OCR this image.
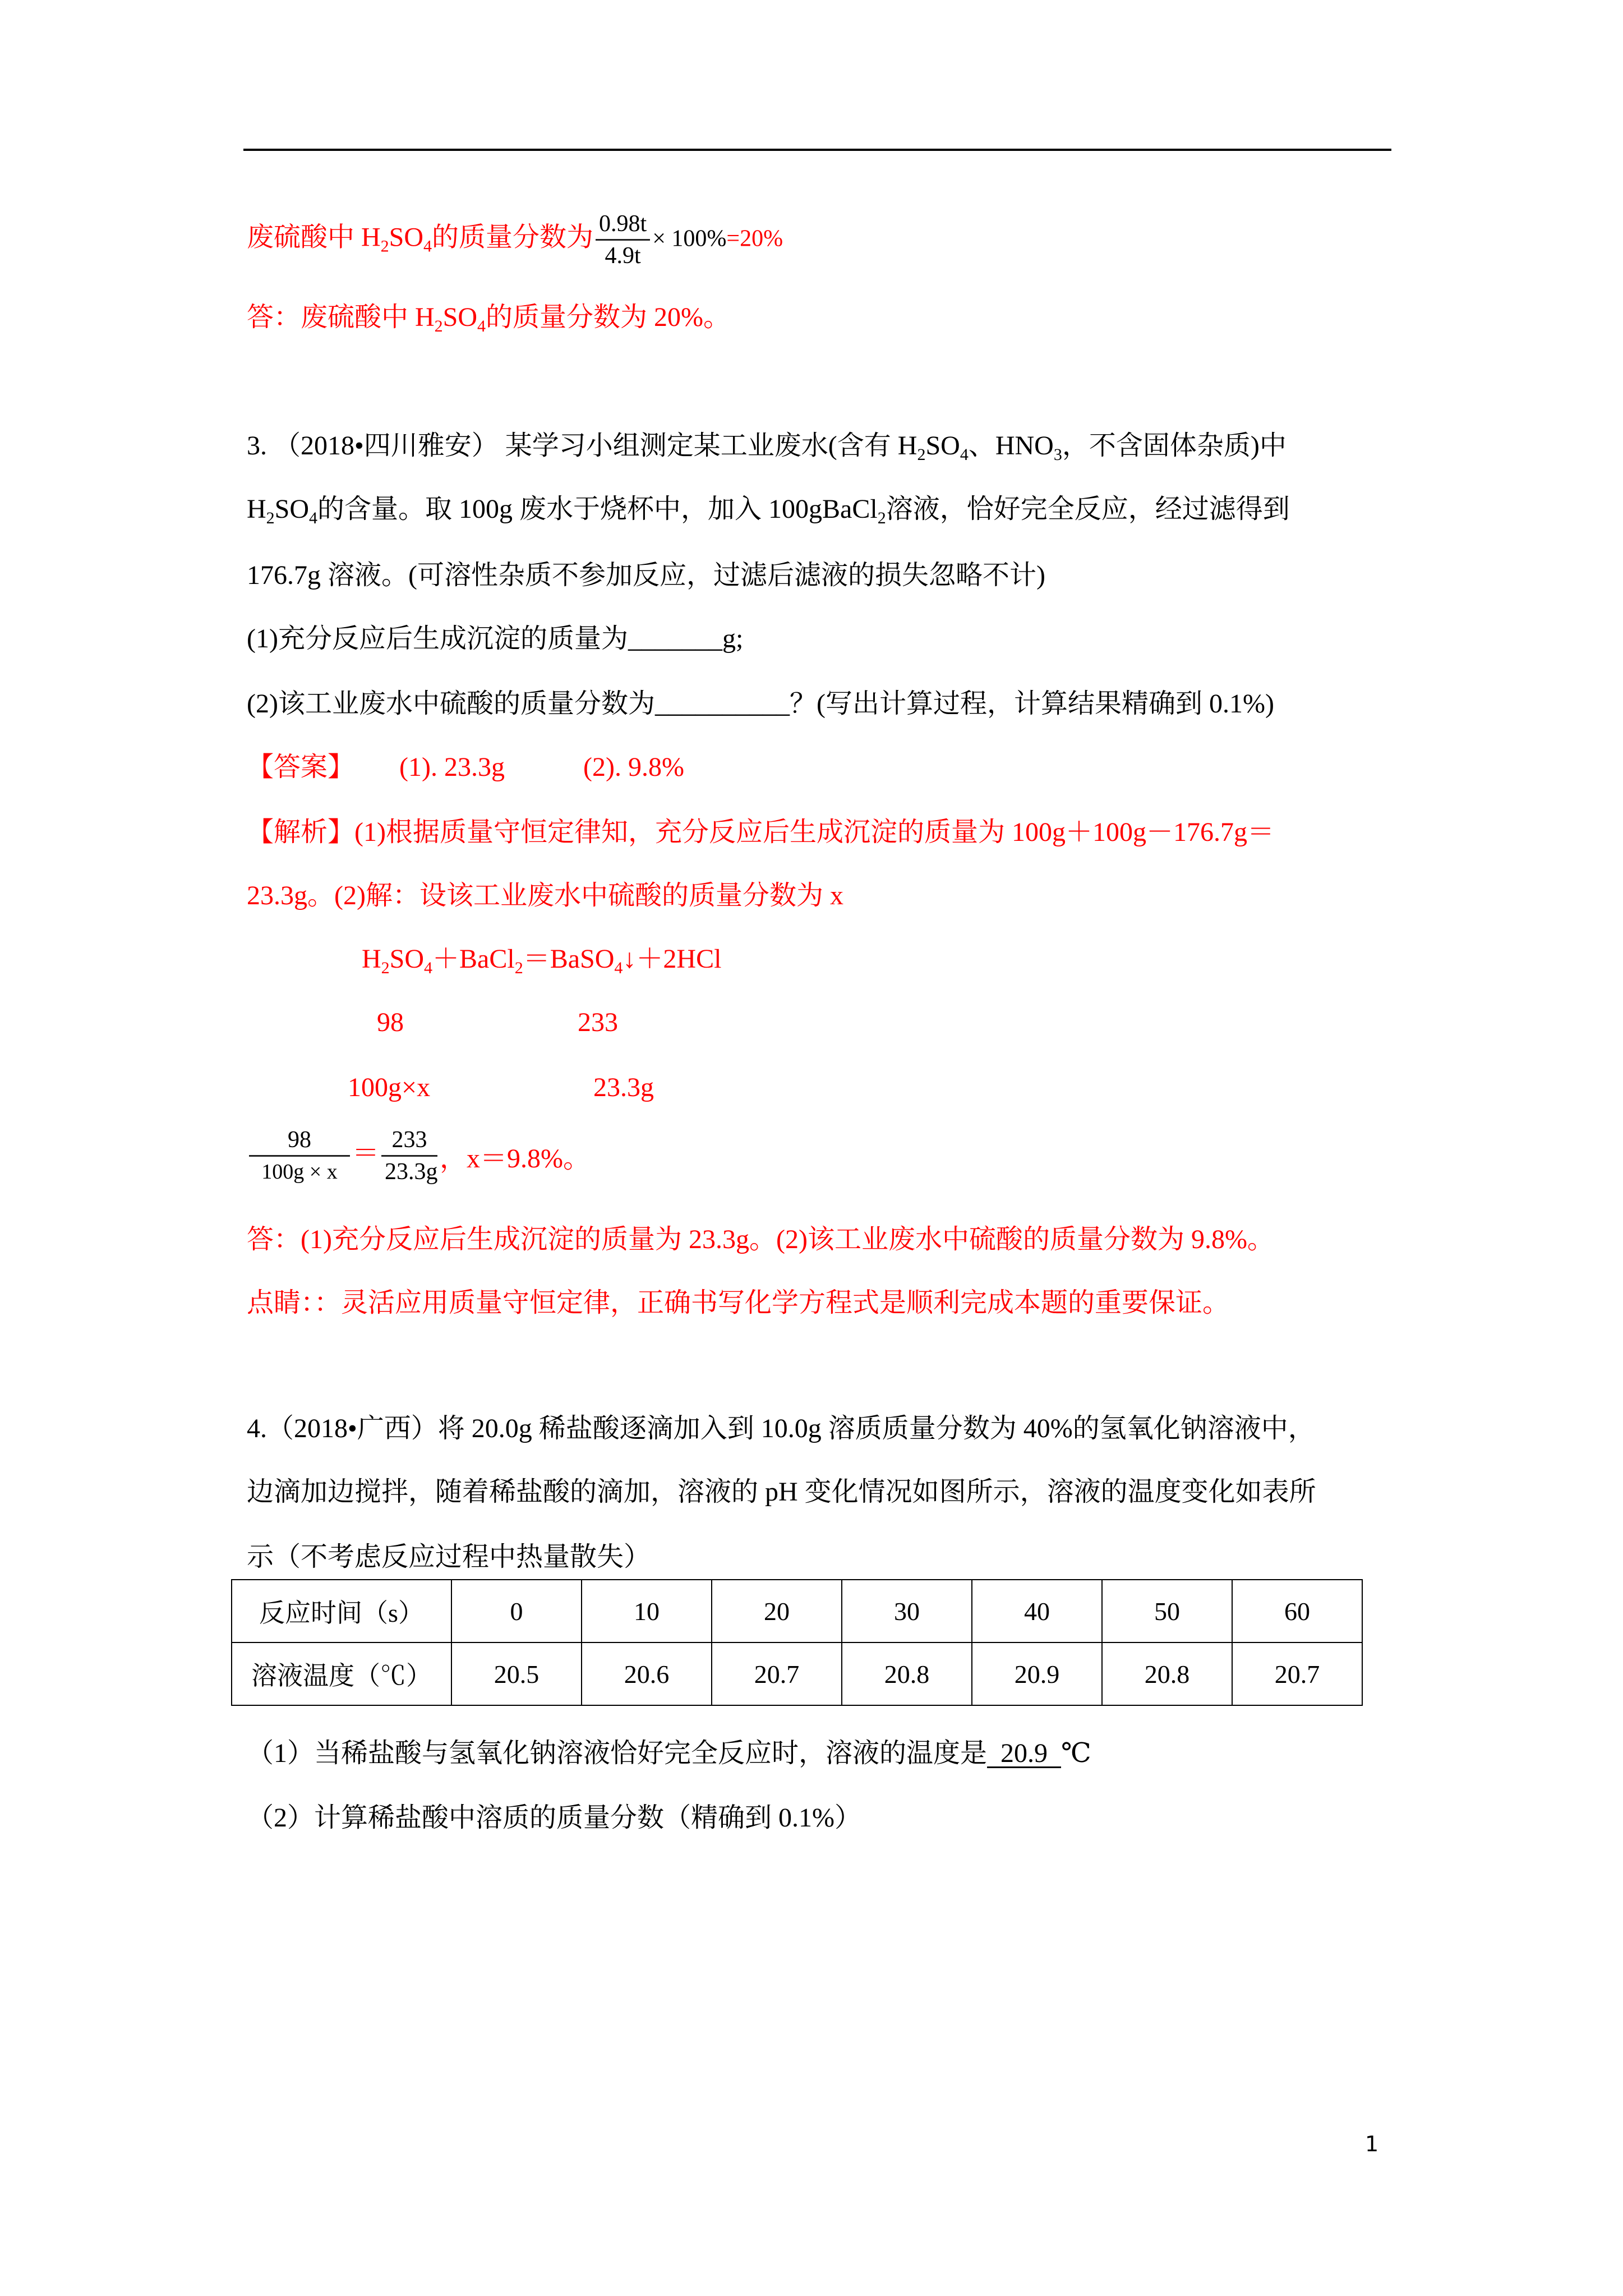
废硫酸中 $H_2SO_4$的质量分数为 $\frac{0.98t}{4.9t} \times 100\%=20\%$
答：废硫酸中 $H_2SO_4$的质量分数为 20%。
3. （2018•四川雅安） 某学习小组测定某工业废水(含有 $H_2SO_4$、$HNO_3$，不含固体杂质)中
$H_2SO_4$的含量。取 100g 废水于烧杯中，加入 100gBaCl$_2$溶液，恰好完全反应，经过滤得到
176.7g 溶液。(可溶性杂质不参加反应，过滤后滤液的损失忽略不计)
(1)充分反应后生成沉淀的质量为_______g;
(2)该工业废水中硫酸的质量分数为__________？(写出计算过程，计算结果精确到 0.1%)
【答案】 (1). 23.3g	(2). 9.8%
【解析】(1)根据质量守恒定律知，充分反应后生成沉淀的质量为 100g＋100g－176.7g＝
23.3g。(2)解：设该工业废水中硫酸的质量分数为 x
$H_2SO_4+BaCl_2=BaSO_4↓+2HCl$
98	233
100g×x	23.3g
$\frac{98}{100g \times x} = \frac{233}{23.3g}$ ，x＝9.8%。
答：(1)充分反应后生成沉淀的质量为 23.3g。(2)该工业废水中硫酸的质量分数为 9.8%。
点睛：：灵活应用质量守恒定律，正确书写化学方程式是顺利完成本题的重要保证。
4.（2018•广西）将 20.0g 稀盐酸逐滴加入到 10.0g 溶质质量分数为 40%的氢氧化钠溶液中，
边滴加边搅拌，随着稀盐酸的滴加，溶液的 pH 变化情况如图所示，溶液的温度变化如表所
示（不考虑反应过程中热量散失）
反应时间（s）	0	10	20	30	40	50	60
溶液温度（℃）	20.5	20.6	20.7	20.8	20.9	20.8	20.7
（1）当稀盐酸与氢氧化钠溶液恰好完全反应时，溶液的温度是  20.9  ℃
（2）计算稀盐酸中溶质的质量分数（精确到 0.1%）
1
